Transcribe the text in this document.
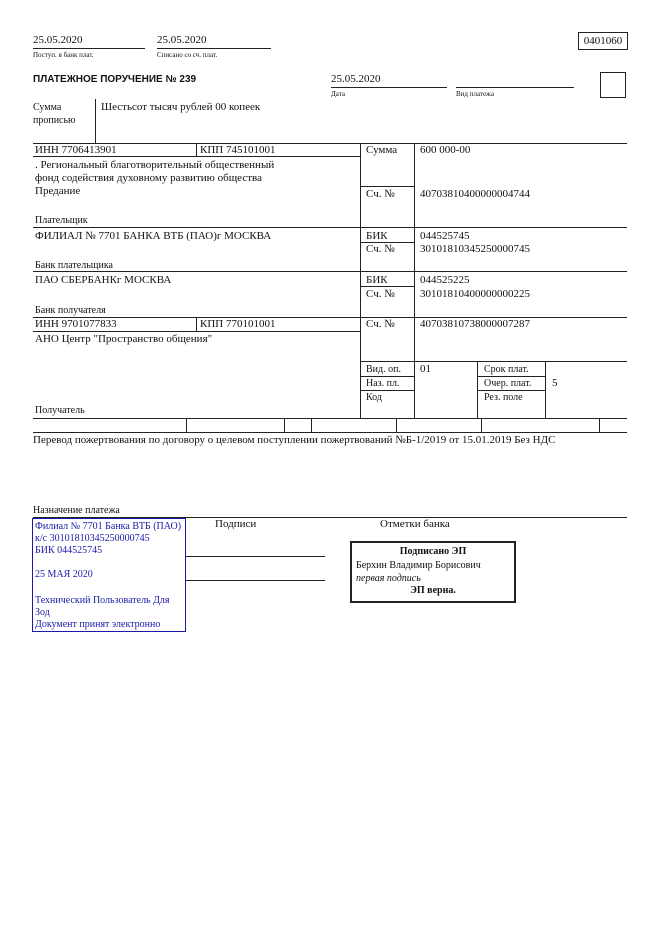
25.05.2020
Поступ. в банк плат.
25.05.2020
Списано со сч. плат.
0401060
ПЛАТЕЖНОЕ ПОРУЧЕНИЕ № 239	25.05.2020
Дата	Вид платежа
Сумма прописью
Шестьсот тысяч рублей 00 копеек
ИНН 7706413901	КПП 745101001	Сумма 600 000-00
. Региональный благотворительный общественный фонд содействия духовному развитию общества Предание	Сч. № 40703810400000004744
Плательщик
ФИЛИАЛ № 7701 БАНКА ВТБ (ПАО)г МОСКВА	БИК	044525745
Сч. № 30101810345250000745
Банк плательщика
ПАО СБЕРБАНКг МОСКВА	БИК	044525225
Сч. № 30101810400000000225
Банк получателя
ИНН 9701077833	КПП 770101001	Сч. № 40703810738000007287
АНО Центр "Пространство общения"
Получатель
Вид. оп. 01
Наз. пл.
Код
Срок плат.
Очер. плат. 5
Рез. поле
Перевод пожертвования по договору о целевом поступлении пожертвований №Б-1/2019 от 15.01.2019 Без НДС
Назначение платежа
Подписи	Отметки банка
Филиал № 7701 Банка ВТБ (ПАО)
к/с 30101810345250000745
БИК 044525745
25 МАЯ 2020
Технический Пользователь Для
Зод
Документ принят электронно
Подписано ЭП
Берхин Владимир Борисович
первая подпись
ЭП верна.
